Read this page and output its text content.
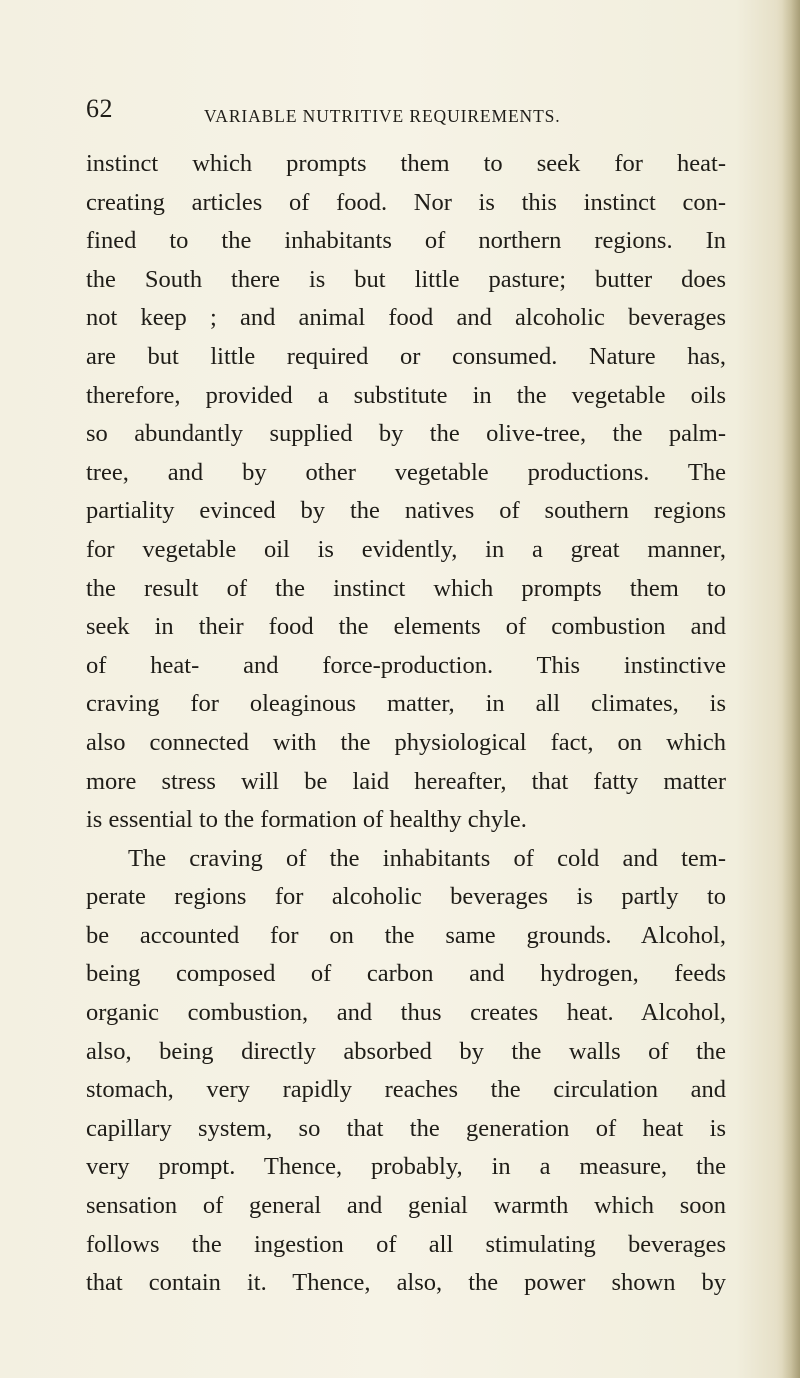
62	VARIABLE NUTRITIVE REQUIREMENTS.
instinct which prompts them to seek for heat-
creating articles of food. Nor is this instinct con-
fined to the inhabitants of northern regions. In
the South there is but little pasture; butter does
not keep ; and animal food and alcoholic beverages
are but little required or consumed. Nature has,
therefore, provided a substitute in the vegetable oils
so abundantly supplied by the olive-tree, the palm-
tree, and by other vegetable productions. The
partiality evinced by the natives of southern regions
for vegetable oil is evidently, in a great manner,
the result of the instinct which prompts them to
seek in their food the elements of combustion and
of heat- and force-production. This instinctive
craving for oleaginous matter, in all climates, is
also connected with the physiological fact, on which
more stress will be laid hereafter, that fatty matter
is essential to the formation of healthy chyle.
The craving of the inhabitants of cold and tem-
perate regions for alcoholic beverages is partly to
be accounted for on the same grounds. Alcohol,
being composed of carbon and hydrogen, feeds
organic combustion, and thus creates heat. Alcohol,
also, being directly absorbed by the walls of the
stomach, very rapidly reaches the circulation and
capillary system, so that the generation of heat is
very prompt. Thence, probably, in a measure, the
sensation of general and genial warmth which soon
follows the ingestion of all stimulating beverages
that contain it. Thence, also, the power shown by
